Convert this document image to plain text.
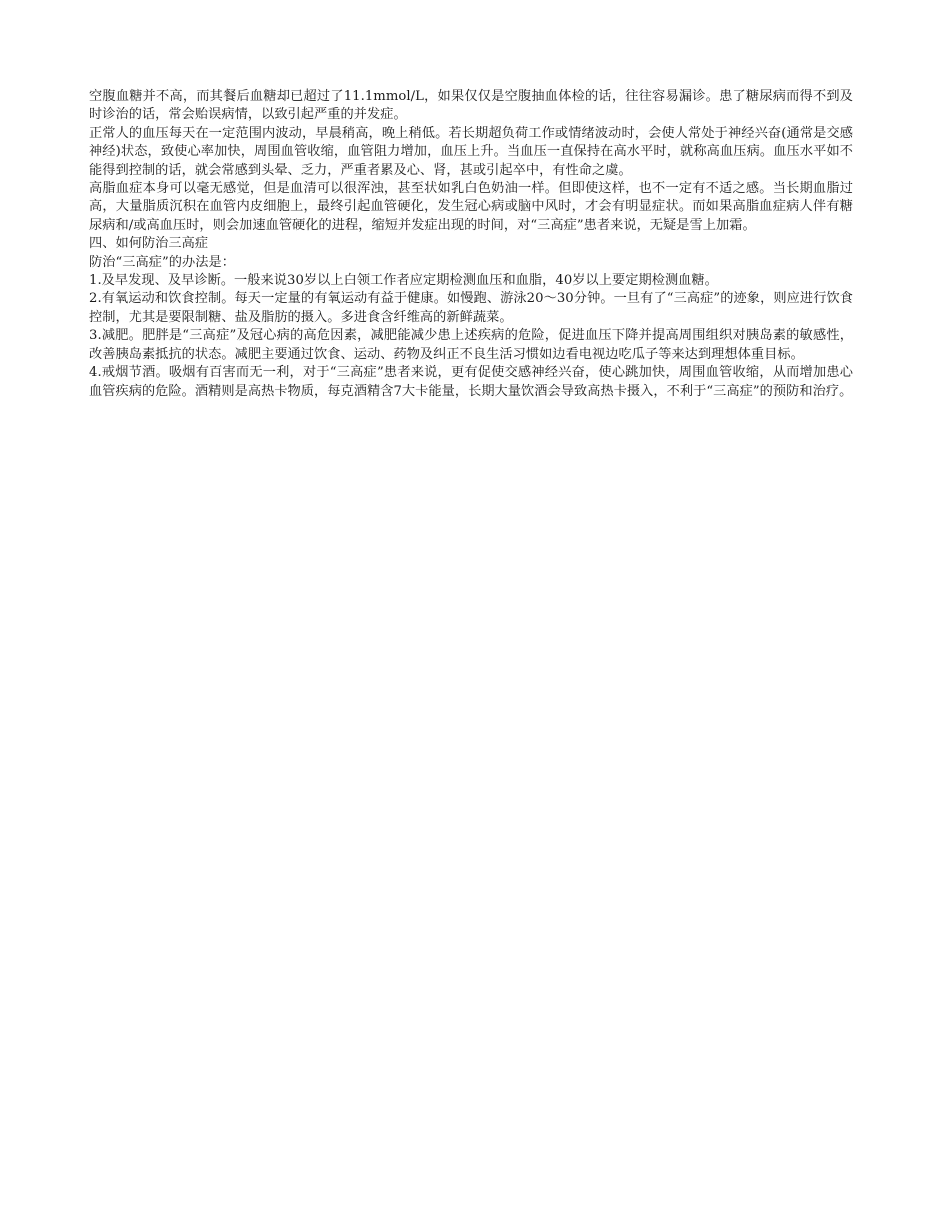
空腹血糖并不高，而其餐后血糖却已超过了11.1mmol/L，如果仅仅是空腹抽血体检的话，往往容易漏诊。患了糖尿病而得不到及时诊治的话，常会贻误病情，以致引起严重的并发症。

正常人的血压每天在一定范围内波动，早晨稍高，晚上稍低。若长期超负荷工作或情绪波动时，会使人常处于神经兴奋(通常是交感神经)状态，致使心率加快，周围血管收缩，血管阻力增加，血压上升。当血压一直保持在高水平时，就称高血压病。血压水平如不能得到控制的话，就会常感到头晕、乏力，严重者累及心、肾，甚或引起卒中，有性命之虞。

高脂血症本身可以毫无感觉，但是血清可以很浑浊，甚至状如乳白色奶油一样。但即使这样，也不一定有不适之感。当长期血脂过高，大量脂质沉积在血管内皮细胞上，最终引起血管硬化，发生冠心病或脑中风时，才会有明显症状。而如果高脂血症病人伴有糖尿病和/或高血压时，则会加速血管硬化的进程，缩短并发症出现的时间，对“三高症”患者来说，无疑是雪上加霜。

四、如何防治三高症

防治“三高症”的办法是：

1.及早发现、及早诊断。一般来说30岁以上白领工作者应定期检测血压和血脂，40岁以上要定期检测血糖。

2.有氧运动和饮食控制。每天一定量的有氧运动有益于健康。如慢跑、游泳20～30分钟。一旦有了“三高症”的迹象，则应进行饮食控制，尤其是要限制糖、盐及脂肪的摄入。多进食含纤维高的新鲜蔬菜。

3.减肥。肥胖是“三高症”及冠心病的高危因素，减肥能减少患上述疾病的危险，促进血压下降并提高周围组织对胰岛素的敏感性，改善胰岛素抵抗的状态。减肥主要通过饮食、运动、药物及纠正不良生活习惯如边看电视边吃瓜子等来达到理想体重目标。

4.戒烟节酒。吸烟有百害而无一利，对于“三高症”患者来说，更有促使交感神经兴奋，使心跳加快，周围血管收缩，从而增加患心血管疾病的危险。酒精则是高热卡物质，每克酒精含7大卡能量，长期大量饮酒会导致高热卡摄入，不利于“三高症”的预防和治疗。
